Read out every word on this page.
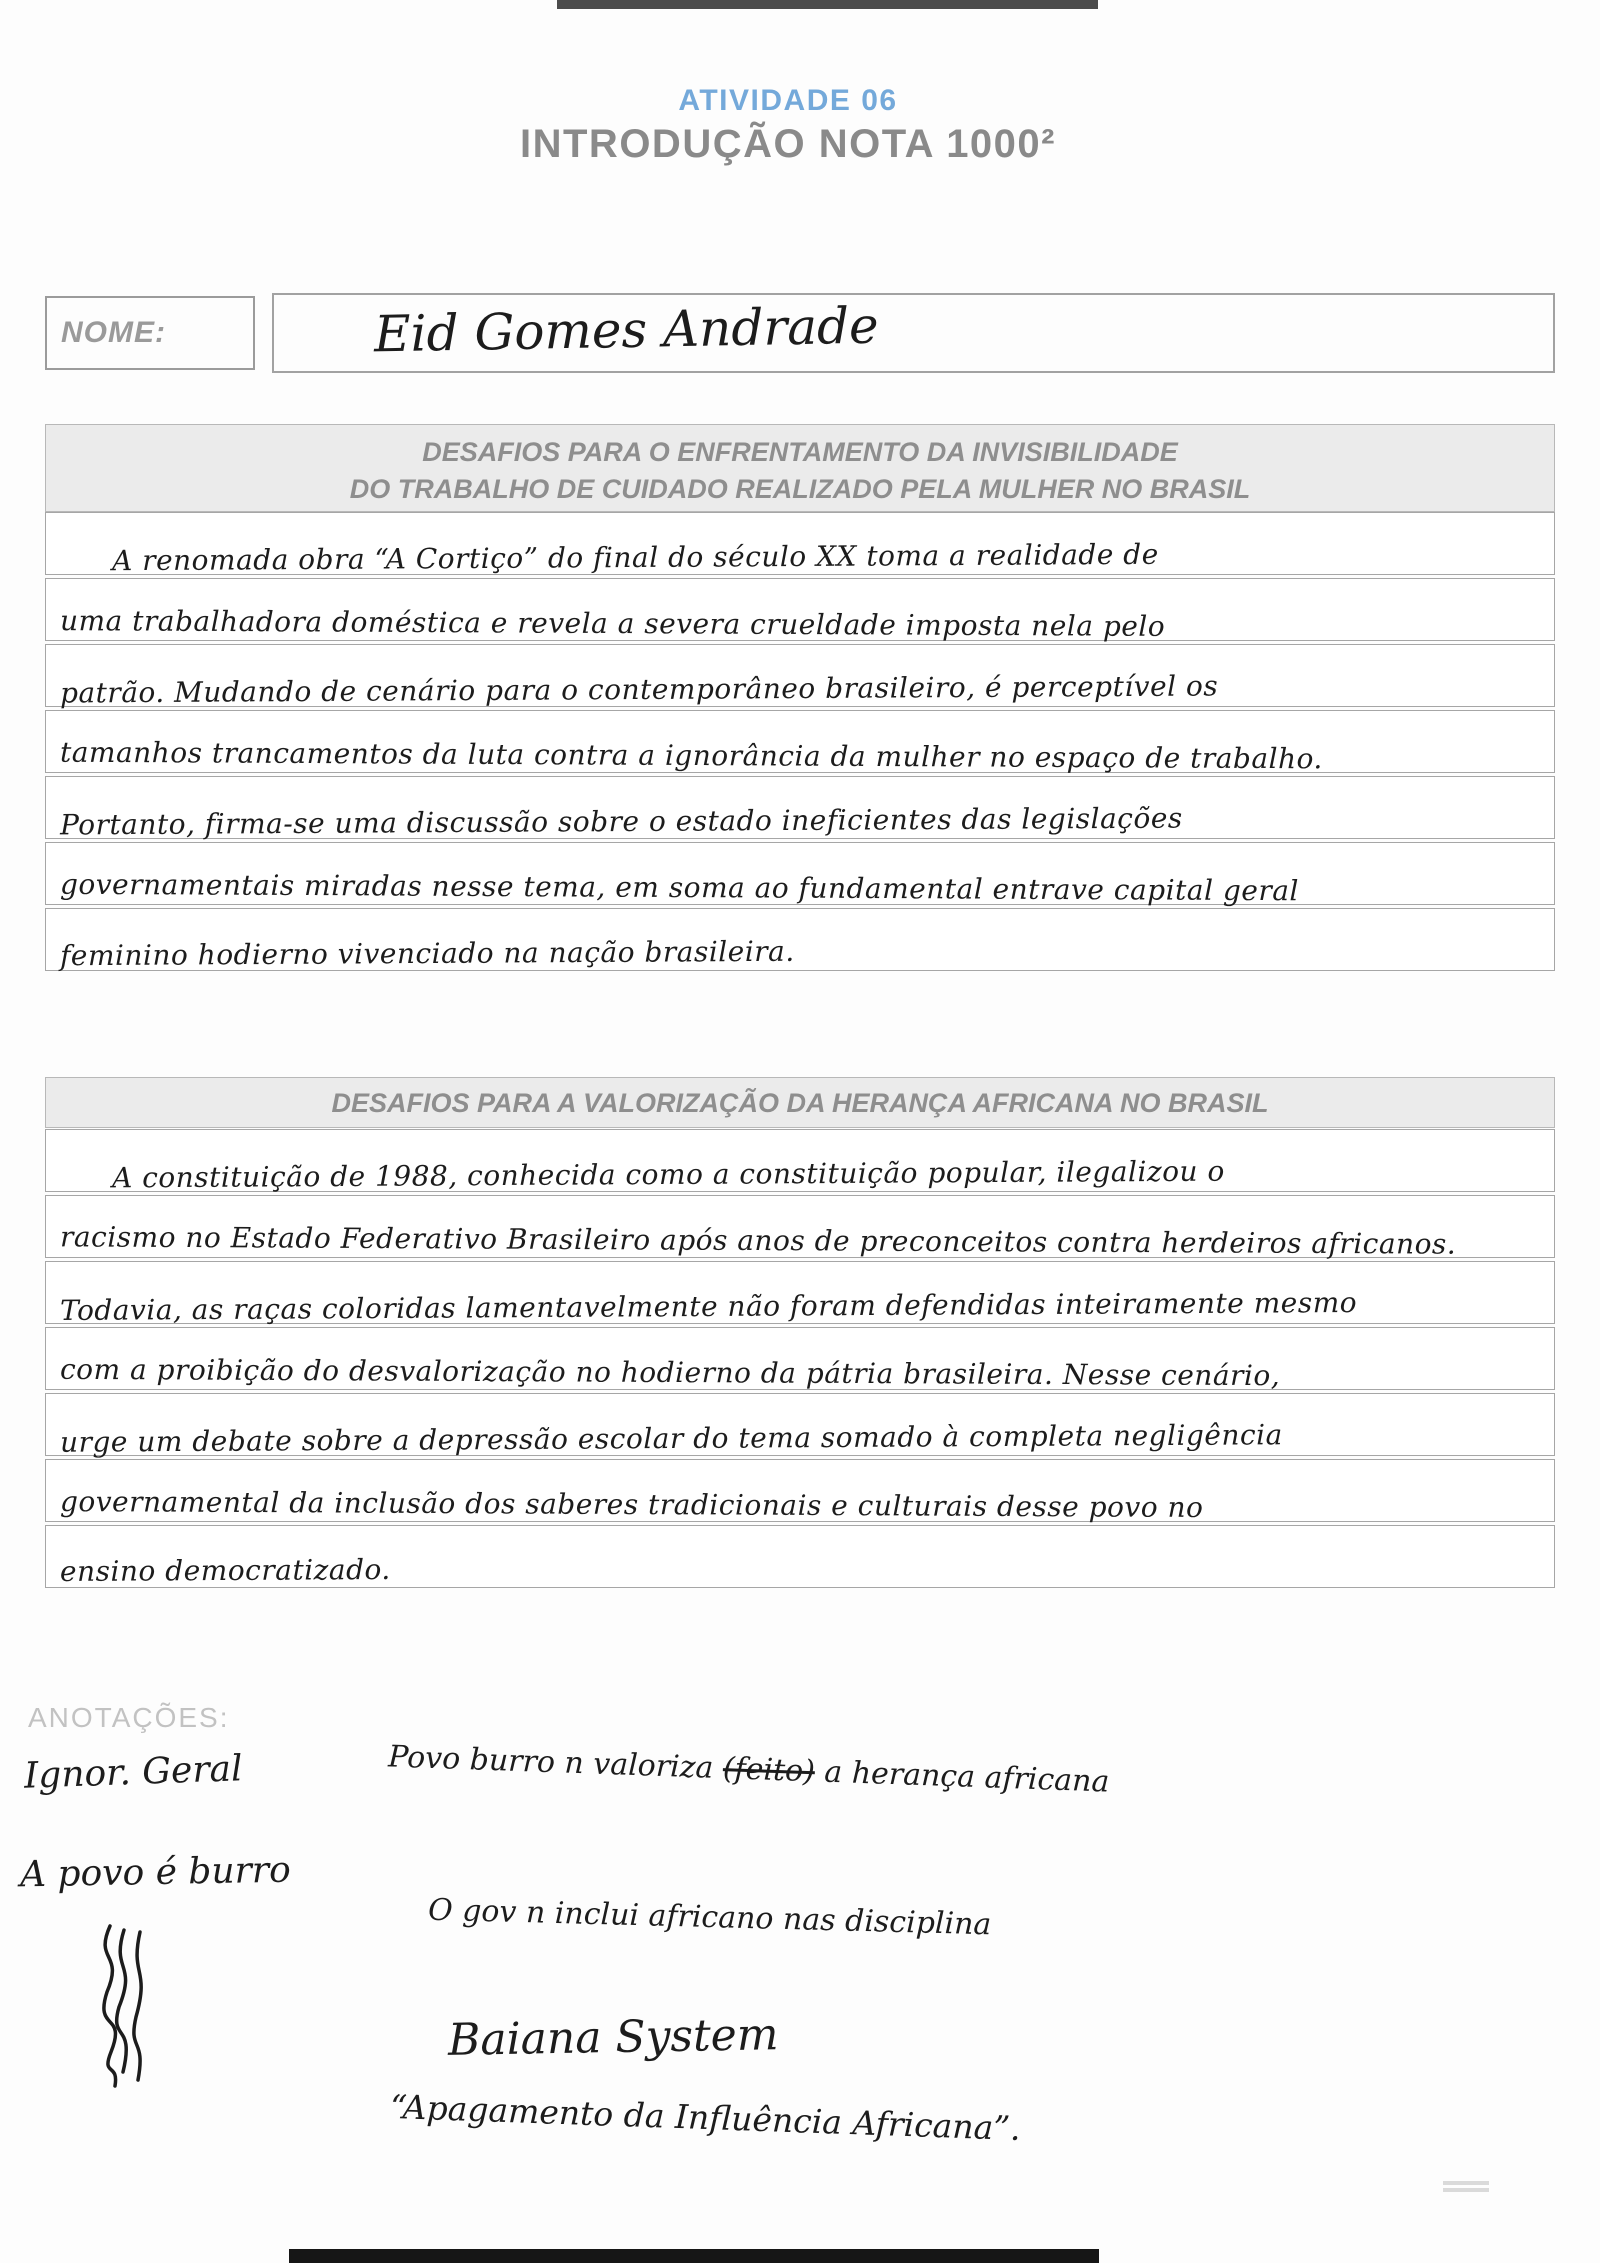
ATIVIDADE 06
INTRODUÇÃO NOTA 1000²
NOME:	Eid Gomes Andrade
DESAFIOS PARA O ENFRENTAMENTO DA INVISIBILIDADE
DO TRABALHO DE CUIDADO REALIZADO PELA MULHER NO BRASIL
A renomada obra “A Cortiço” do final do século XX toma a realidade de
uma trabalhadora doméstica e revela a severa crueldade imposta nela pelo
patrão. Mudando de cenário para o contemporâneo brasileiro, é perceptível os
tamanhos trancamentos da luta contra a ignorância da mulher no espaço de trabalho.
Portanto, firma-se uma discussão sobre o estado ineficientes das legislações
governamentais miradas nesse tema, em soma ao fundamental entrave capital geral
feminino hodierno vivenciado na nação brasileira.
DESAFIOS PARA A VALORIZAÇÃO DA HERANÇA AFRICANA NO BRASIL
A constituição de 1988, conhecida como a constituição popular, ilegalizou o
racismo no Estado Federativo Brasileiro após anos de preconceitos contra herdeiros africanos.
Todavia, as raças coloridas lamentavelmente não foram defendidas inteiramente mesmo
com a proibição do desvalorização no hodierno da pátria brasileira. Nesse cenário,
urge um debate sobre a depressão escolar do tema somado à completa negligência
governamental da inclusão dos saberes tradicionais e culturais desse povo no
ensino democratizado.
ANOTAÇÕES:
Ignor. Geral
A povo é burro
Povo burro n valoriza (feito) a herança africana
O gov n inclui africano nas disciplina
Baiana System
“Apagamento da Influência Africana”.
